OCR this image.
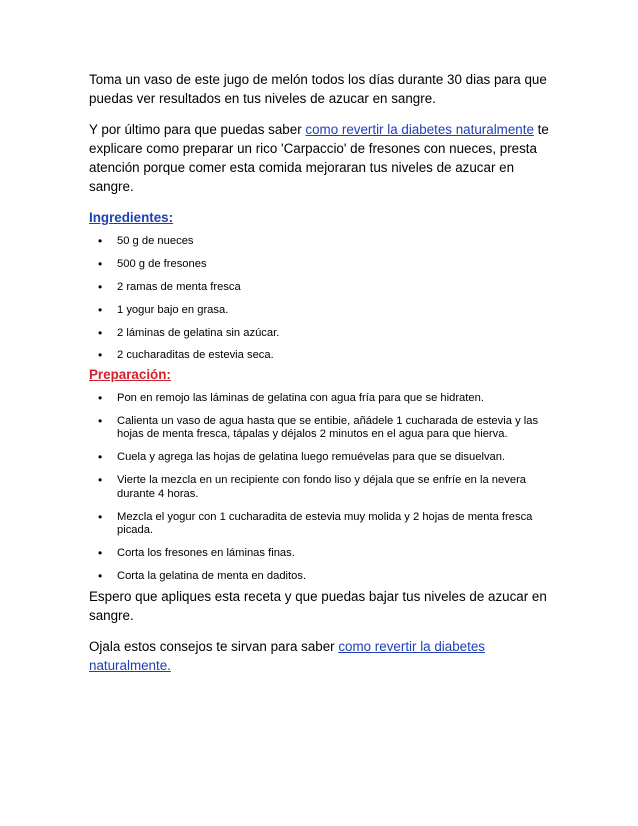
Toma un vaso de este jugo de melón todos los días durante 30 dias para que puedas ver resultados en tus niveles de azucar en sangre.

Y por último para que puedas saber como revertir la diabetes naturalmente te explicare como preparar un rico 'Carpaccio' de fresones con nueces, presta atención porque comer esta comida mejoraran tus niveles de azucar en sangre.

Ingredientes:
• 50 g de nueces
• 500 g de fresones
• 2 ramas de menta fresca
• 1 yogur bajo en grasa.
• 2 láminas de gelatina sin azúcar.
• 2 cucharaditas de estevia seca.
Preparación:
• Pon en remojo las láminas de gelatina con agua fría para que se hidraten.
• Calienta un vaso de agua hasta que se entibie, añádele 1 cucharada de estevia y las hojas de menta fresca, tápalas y déjalos 2 minutos en el agua para que hierva.
• Cuela y agrega las hojas de gelatina luego remuévelas para que se disuelvan.
• Vierte la mezcla en un recipiente con fondo liso y déjala que se enfríe en la nevera durante 4 horas.
• Mezcla el yogur con 1 cucharadita de estevia muy molida y 2 hojas de menta fresca picada.
• Corta los fresones en láminas finas.
• Corta la gelatina de menta en daditos.

Espero que apliques esta receta y que puedas bajar tus niveles de azucar en sangre.

Ojala estos consejos te sirvan para saber como revertir la diabetes naturalmente.
